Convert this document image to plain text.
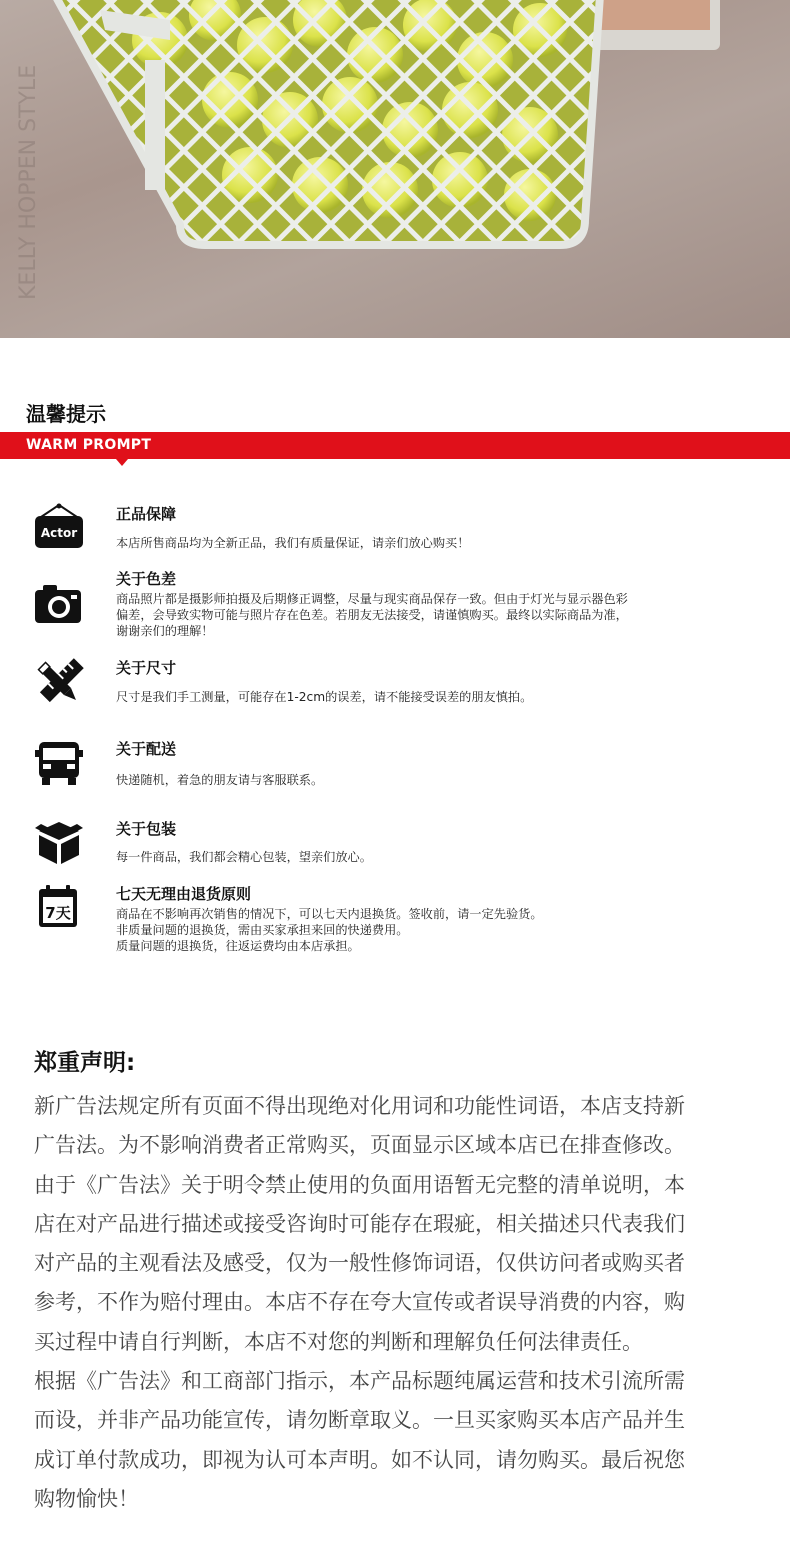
KELLY HOPPEN STYLE
温馨提示
WARM PROMPT
Actor
正品保障
本店所售商品均为全新正品，我们有质量保证，请亲们放心购买！
关于色差
商品照片都是摄影师拍摄及后期修正调整，尽量与现实商品保存一致。但由于灯光与显示器色彩
偏差，会导致实物可能与照片存在色差。若朋友无法接受，请谨慎购买。最终以实际商品为准，
谢谢亲们的理解！
关于尺寸
尺寸是我们手工测量，可能存在1-2cm的误差，请不能接受误差的朋友慎拍。
关于配送
快递随机，着急的朋友请与客服联系。
关于包装
每一件商品，我们都会精心包装，望亲们放心。
7天
七天无理由退货原则
商品在不影响再次销售的情况下，可以七天内退换货。签收前，请一定先验货。
非质量问题的退换货，需由买家承担来回的快递费用。
质量问题的退换货，往返运费均由本店承担。
郑重声明:
新广告法规定所有页面不得出现绝对化用词和功能性词语，本店支持新
广告法。为不影响消费者正常购买，页面显示区域本店已在排查修改。
由于《广告法》关于明令禁止使用的负面用语暂无完整的清单说明，本
店在对产品进行描述或接受咨询时可能存在瑕疵，相关描述只代表我们
对产品的主观看法及感受，仅为一般性修饰词语，仅供访问者或购买者
参考，不作为赔付理由。本店不存在夸大宣传或者误导消费的内容，购
买过程中请自行判断，本店不对您的判断和理解负任何法律责任。
根据《广告法》和工商部门指示，本产品标题纯属运营和技术引流所需
而设，并非产品功能宣传，请勿断章取义。一旦买家购买本店产品并生
成订单付款成功，即视为认可本声明。如不认同，请勿购买。最后祝您
购物愉快！
